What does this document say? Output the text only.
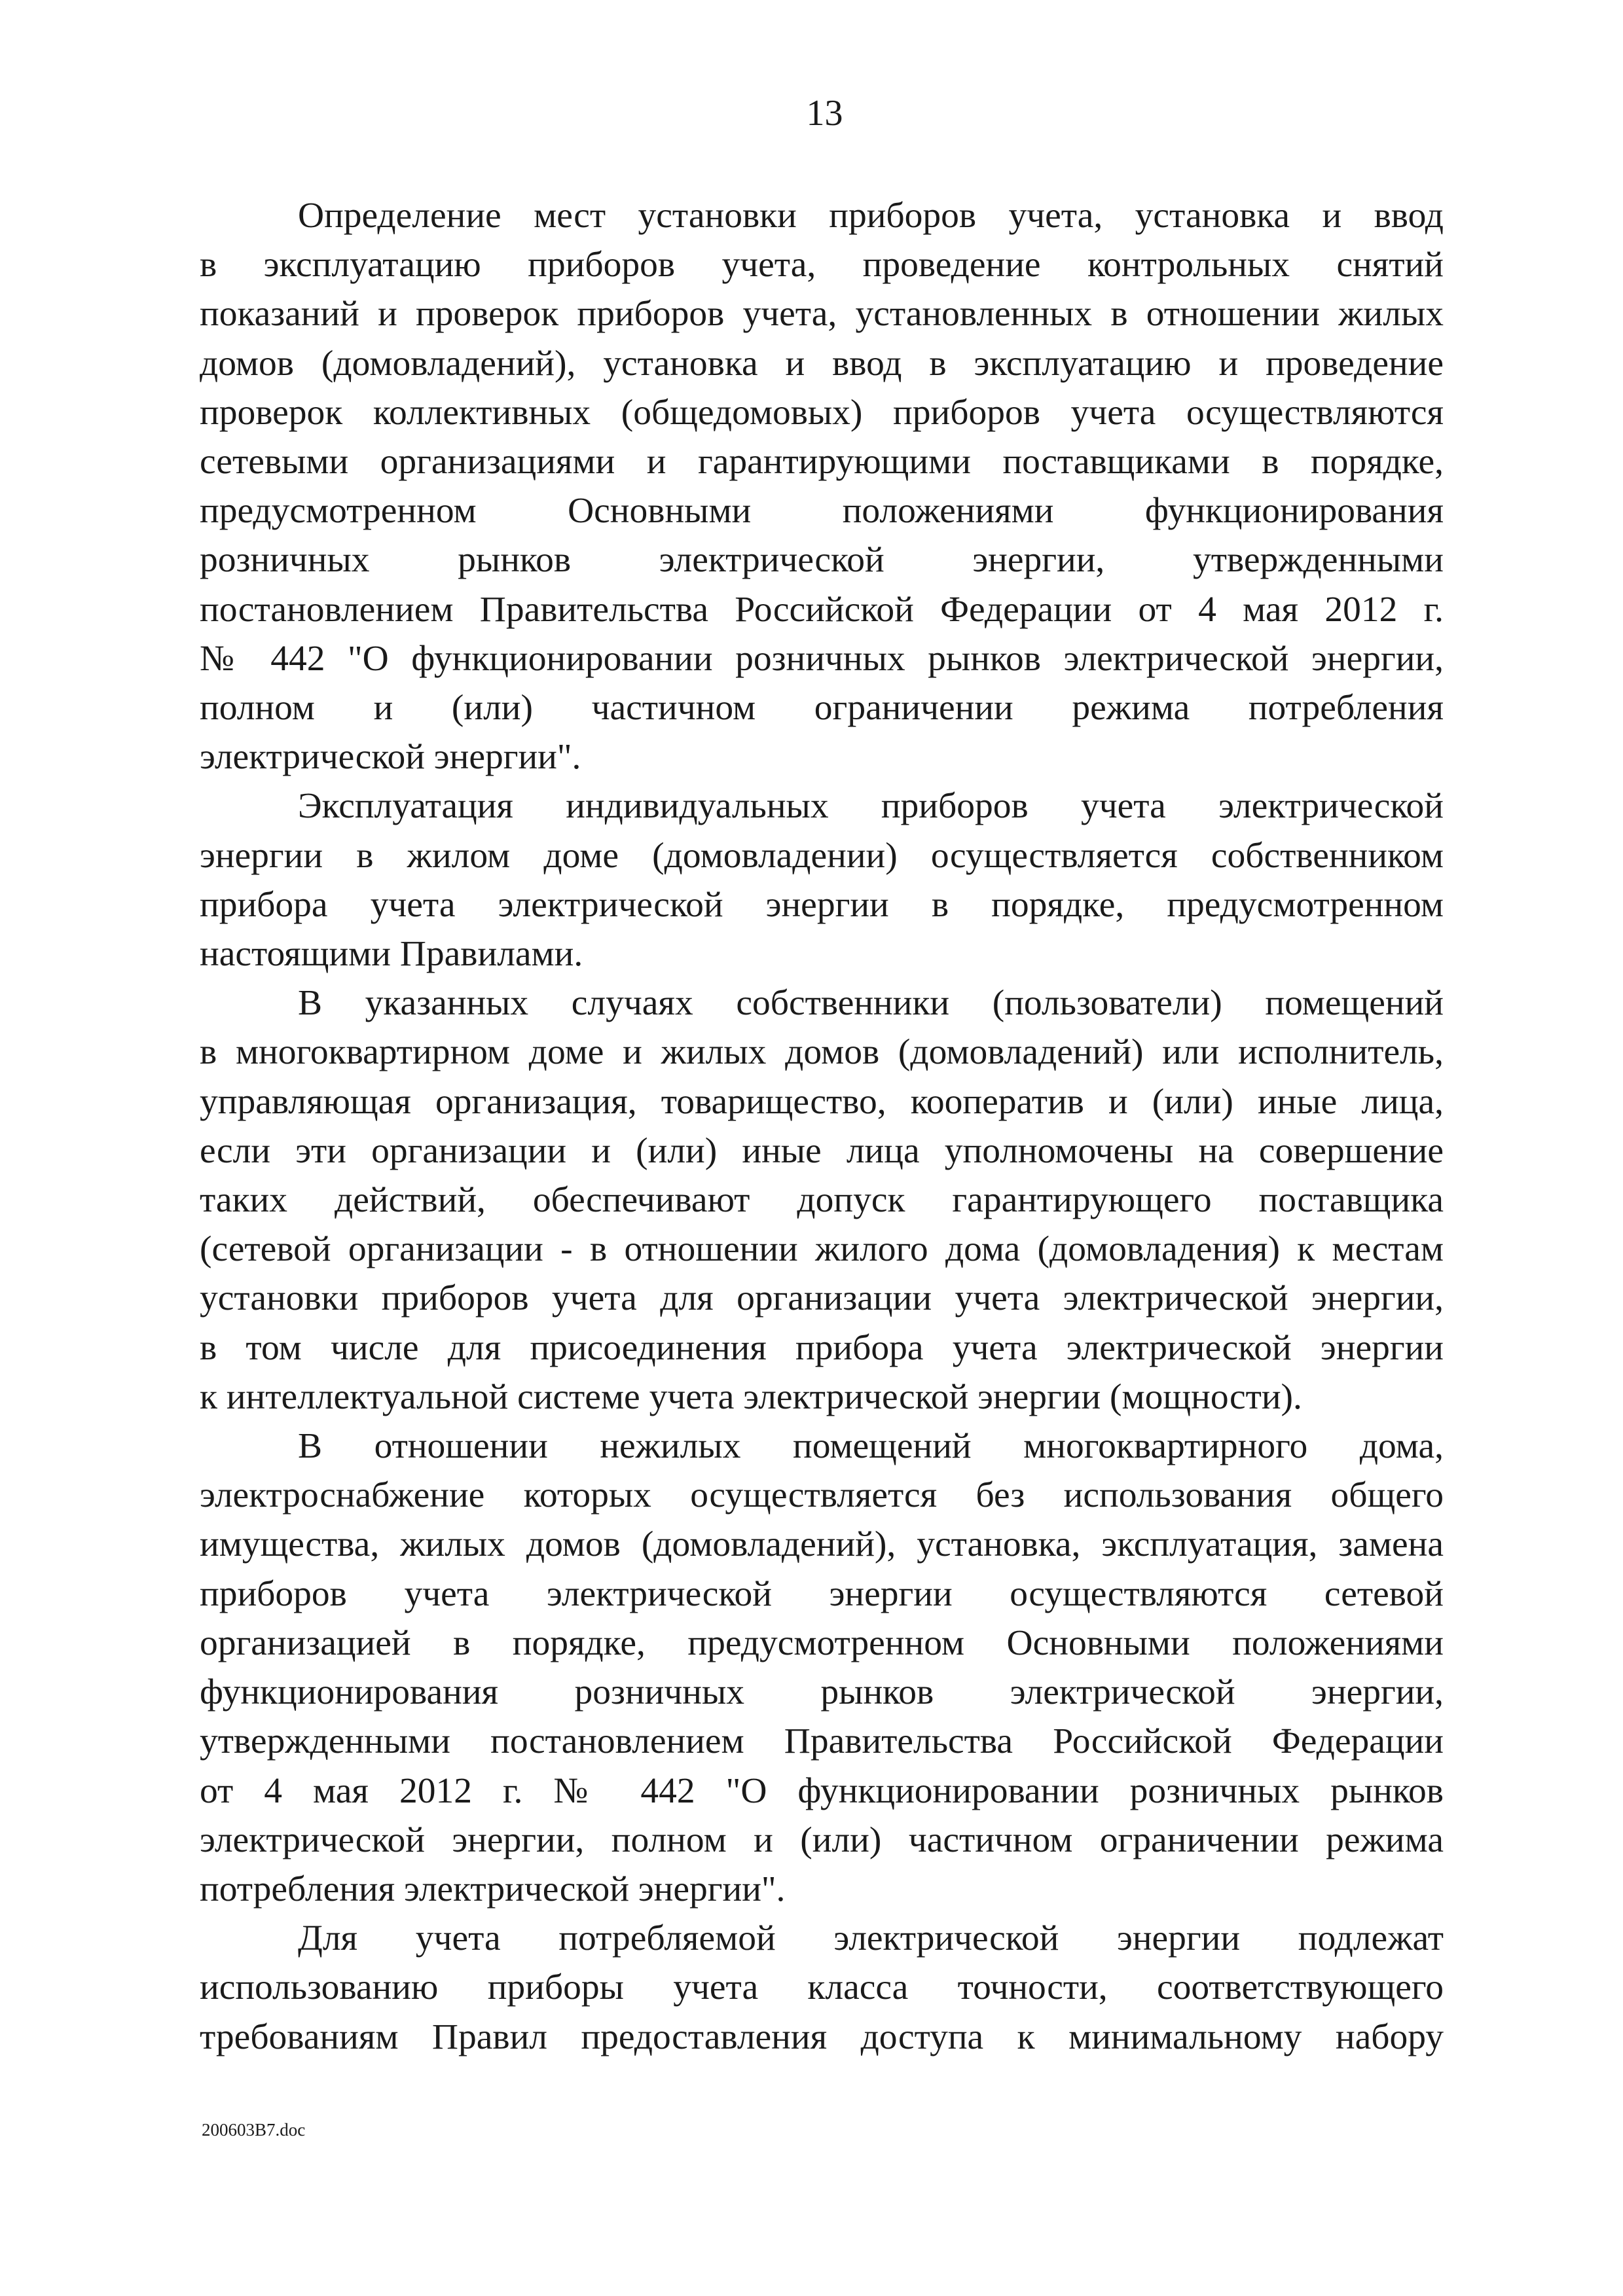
13
Определение мест установки приборов учета, установка и ввод
в эксплуатацию приборов учета, проведение контрольных снятий
показаний и проверок приборов учета, установленных в отношении жилых
домов (домовладений), установка и ввод в эксплуатацию и проведение
проверок коллективных (общедомовых) приборов учета осуществляются
сетевыми организациями и гарантирующими поставщиками в порядке,
предусмотренном Основными положениями функционирования
розничных рынков электрической энергии, утвержденными
постановлением Правительства Российской Федерации от 4 мая 2012 г.
№ 442 "О функционировании розничных рынков электрической энергии,
полном и (или) частичном ограничении режима потребления
электрической энергии".
Эксплуатация индивидуальных приборов учета электрической
энергии в жилом доме (домовладении) осуществляется собственником
прибора учета электрической энергии в порядке, предусмотренном
настоящими Правилами.
В указанных случаях собственники (пользователи) помещений
в многоквартирном доме и жилых домов (домовладений) или исполнитель,
управляющая организация, товарищество, кооператив и (или) иные лица,
если эти организации и (или) иные лица уполномочены на совершение
таких действий, обеспечивают допуск гарантирующего поставщика
(сетевой организации - в отношении жилого дома (домовладения) к местам
установки приборов учета для организации учета электрической энергии,
в том числе для присоединения прибора учета электрической энергии
к интеллектуальной системе учета электрической энергии (мощности).
В отношении нежилых помещений многоквартирного дома,
электроснабжение которых осуществляется без использования общего
имущества, жилых домов (домовладений), установка, эксплуатация, замена
приборов учета электрической энергии осуществляются сетевой
организацией в порядке, предусмотренном Основными положениями
функционирования розничных рынков электрической энергии,
утвержденными постановлением Правительства Российской Федерации
от 4 мая 2012 г. № 442 "О функционировании розничных рынков
электрической энергии, полном и (или) частичном ограничении режима
потребления электрической энергии".
Для учета потребляемой электрической энергии подлежат
использованию приборы учета класса точности, соответствующего
требованиям Правил предоставления доступа к минимальному набору
200603B7.doc
